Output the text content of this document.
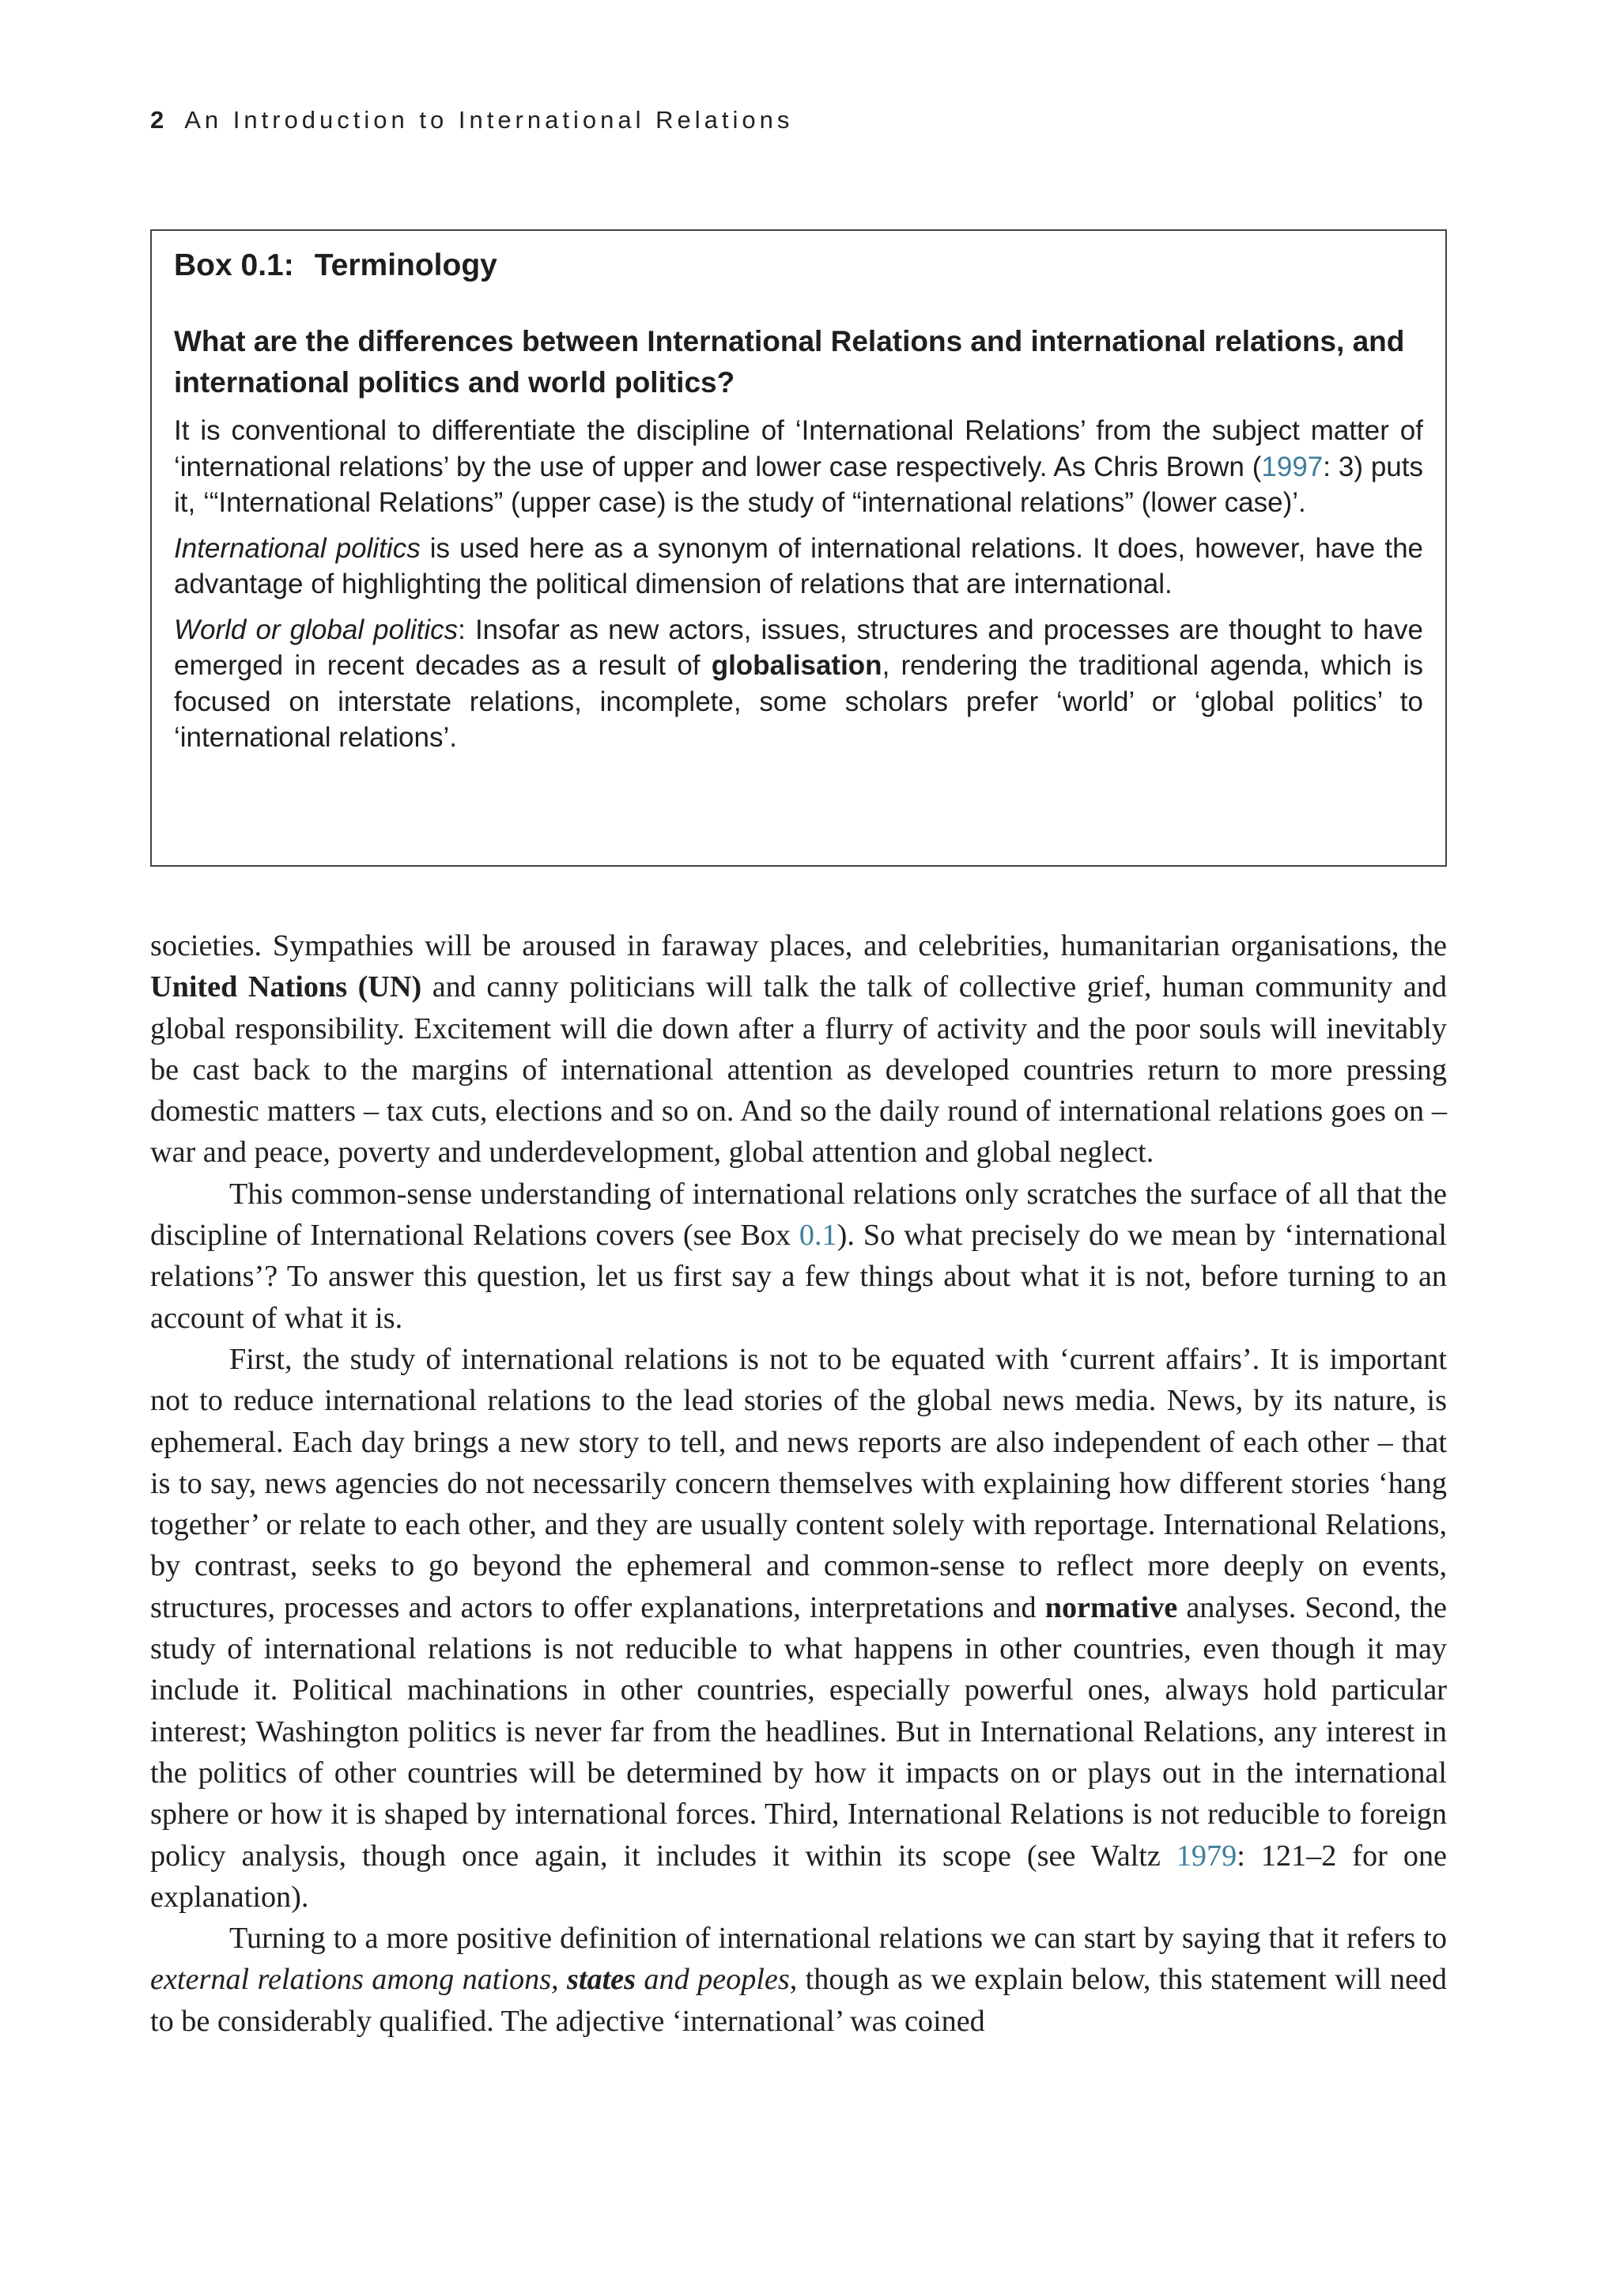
2 An Introduction to International Relations
Box 0.1: Terminology
What are the differences between International Relations and international relations, and international politics and world politics?
It is conventional to differentiate the discipline of ‘International Relations’ from the subject matter of ‘international relations’ by the use of upper and lower case respectively. As Chris Brown (1997: 3) puts it, ‘“International Relations” (upper case) is the study of “international relations” (lower case)’.
International politics is used here as a synonym of international relations. It does, however, have the advantage of highlighting the political dimension of relations that are international.
World or global politics: Insofar as new actors, issues, structures and processes are thought to have emerged in recent decades as a result of globalisation, rendering the traditional agenda, which is focused on interstate relations, incomplete, some scholars prefer ‘world’ or ‘global politics’ to ‘international relations’.

societies. Sympathies will be aroused in faraway places, and celebrities, humanitarian organisations, the United Nations (UN) and canny politicians will talk the talk of collective grief, human community and global responsibility. Excitement will die down after a flurry of activity and the poor souls will inevitably be cast back to the margins of international attention as developed countries return to more pressing domestic matters – tax cuts, elections and so on. And so the daily round of international relations goes on – war and peace, poverty and underdevelopment, global attention and global neglect.

This common-sense understanding of international relations only scratches the surface of all that the discipline of International Relations covers (see Box 0.1). So what precisely do we mean by ‘international relations’? To answer this question, let us first say a few things about what it is not, before turning to an account of what it is.

First, the study of international relations is not to be equated with ‘current affairs’. It is important not to reduce international relations to the lead stories of the global news media. News, by its nature, is ephemeral. Each day brings a new story to tell, and news reports are also independent of each other – that is to say, news agencies do not necessarily concern themselves with explaining how different stories ‘hang together’ or relate to each other, and they are usually content solely with reportage. International Relations, by contrast, seeks to go beyond the ephemeral and common-sense to reflect more deeply on events, structures, processes and actors to offer explanations, interpretations and normative analyses. Second, the study of international relations is not reducible to what happens in other countries, even though it may include it. Political machinations in other countries, especially powerful ones, always hold particular interest; Washington politics is never far from the headlines. But in International Relations, any interest in the politics of other countries will be determined by how it impacts on or plays out in the international sphere or how it is shaped by international forces. Third, International Relations is not reducible to foreign policy analysis, though once again, it includes it within its scope (see Waltz 1979: 121–2 for one explanation).

Turning to a more positive definition of international relations we can start by saying that it refers to external relations among nations, states and peoples, though as we explain below, this statement will need to be considerably qualified. The adjective ‘international’ was coined
